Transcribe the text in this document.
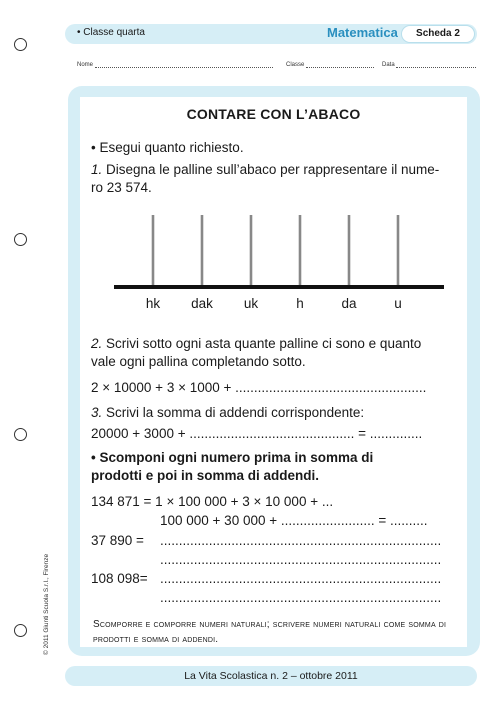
• Classe quarta	Matematica	Scheda 2
Nome	Classe	Data
CONTARE CON L’ABACO
• Esegui quanto richiesto.
1. Disegna le palline sull’abaco per rappresentare il nume-
ro 23 574.
hk dak uk	h	da	u
2. Scrivi sotto ogni asta quante palline ci sono e quanto
vale ogni pallina completando sotto.
2 × 10000 + 3 × 1000 + ...................................................
3. Scrivi la somma di addendi corrispondente:
20000 + 3000 + ............................................ = ..............
• Scomponi ogni numero prima in somma di
prodotti e poi in somma di addendi.
134 871 = 1 × 100 000 + 3 × 10 000 + ...
100 000 + 30 000 + ......................... = ..........
37 890 = ...........................................................................
...........................................................................
108 098= ...........................................................................
...........................................................................
Scomporre e comporre numeri naturali; scrivere numeri naturali come somma di prodotti e somma di addendi.
© 2011 Giunti Scuola S.r.l., Firenze
La Vita Scolastica n. 2 – ottobre 2011
